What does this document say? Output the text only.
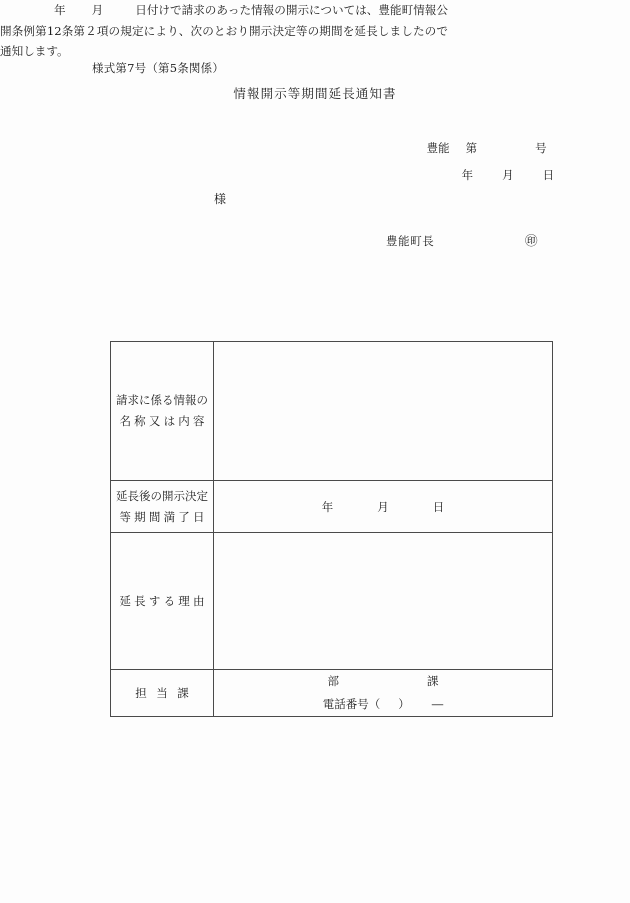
様式第7号（第5条関係）
情報開示等期間延長通知書

豊能 第	号

年	月	日

様
豊能町長	㊞
年 月	日付けで請求のあった情報の開示については、豊能町情報公開条例第12条第２項の規定により、次のとおり開示決定等の期間を延長しましたので通知します。
請求に係る情報の
名称又は内容	

延長後の開示決定
等期間満了日	年 月 日

延長する理由	

担当課	部 課
電話番号（ ） ―
